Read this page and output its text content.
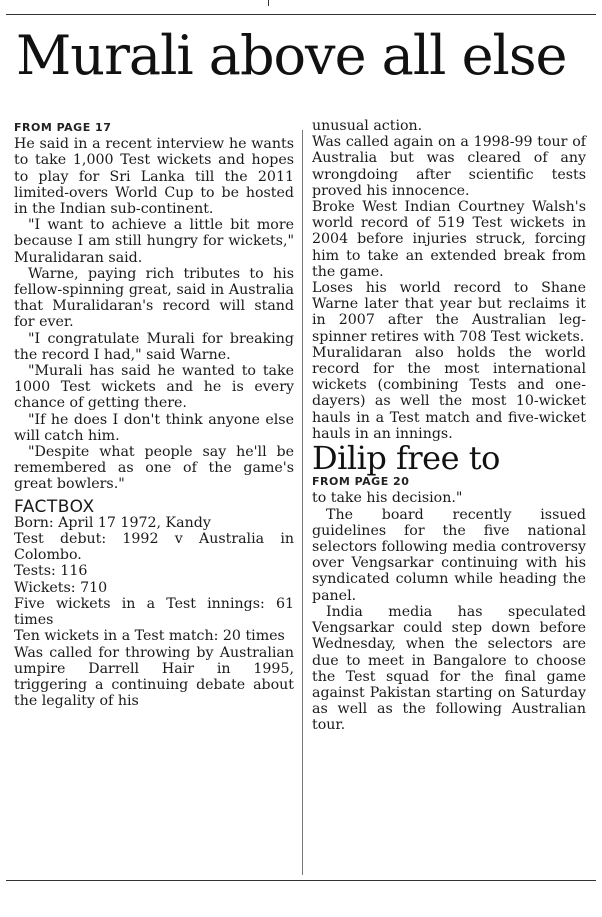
Murali above all else
FROM PAGE 17

He said in a recent interview he wants to take 1,000 Test wickets and hopes to play for Sri Lanka till the 2011 limited-overs World Cup to be hosted in the Indian sub-continent.

"I want to achieve a little bit more because I am still hungry for wickets," Muralidaran said.

Warne, paying rich tributes to his fellow-spinning great, said in Australia that Muralidaran's record will stand for ever.

"I congratulate Murali for breaking the record I had," said Warne.

"Murali has said he wanted to take 1000 Test wickets and he is every chance of getting there.

"If he does I don't think anyone else will catch him.

"Despite what people say he'll be remembered as one of the game's great bowlers."

FACTBOX

Born: April 17 1972, Kandy

Test debut: 1992 v Australia in Colombo.

Tests: 116

Wickets: 710

Five wickets in a Test innings: 61 times

Ten wickets in a Test match: 20 times

Was called for throwing by Australian umpire Darrell Hair in 1995, triggering a continuing debate about the legality of his

unusual action.

Was called again on a 1998-99 tour of Australia but was cleared of any wrongdoing after scientific tests proved his innocence.

Broke West Indian Courtney Walsh's world record of 519 Test wickets in 2004 before injuries struck, forcing him to take an extended break from the game.

Loses his world record to Shane Warne later that year but reclaims it in 2007 after the Australian leg-spinner retires with 708 Test wickets.

Muralidaran also holds the world record for the most international wickets (combining Tests and one-dayers) as well the most 10-wicket hauls in a Test match and five-wicket hauls in an innings.

Dilip free to
FROM PAGE 20

to take his decision."

The board recently issued guidelines for the five national selectors following media controversy over Vengsarkar continuing with his syndicated column while heading the panel.

India media has speculated Vengsarkar could step down before Wednesday, when the selectors are due to meet in Bangalore to choose the Test squad for the final game against Pakistan starting on Saturday as well as the following Australian tour.
